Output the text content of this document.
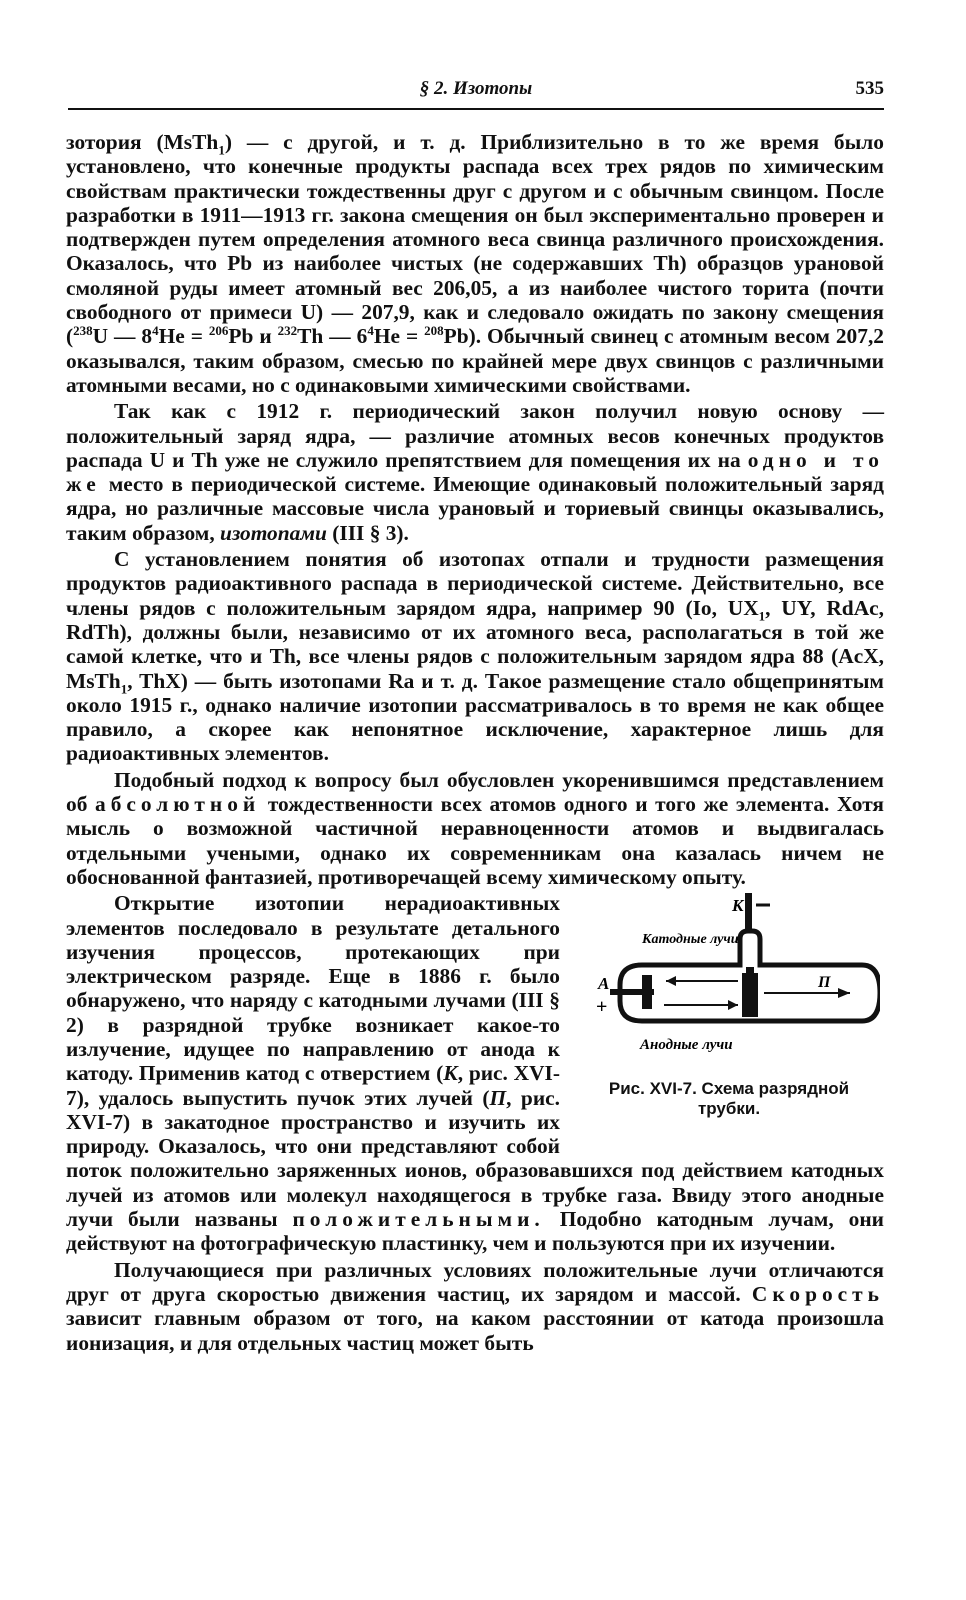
§ 2. Изотопы	535

зотория (MsTh$_1$) — с другой, и т. д. Приблизительно в то же время было установлено, что конечные продукты распада всех трех рядов по химическим свойствам практически тождественны друг с другом и с обычным свинцом. После разработки в 1911—1913 гг. закона смещения он был экспериментально проверен и подтвержден путем определения атомного веса свинца различного происхождения. Оказалось, что Pb из наиболее чистых (не содержавших Th) образцов урановой смоляной руды имеет атомный вес 206,05, а из наиболее чистого торита (почти свободного от примеси U) — 207,9, как и следовало ожидать по закону смещения ($^{238}$U — $8^4He = ^{206}Pb$ и $^{232}$Th — $6^4He = ^{208}Pb$). Обычный свинец с атомным весом 207,2 оказывался, таким образом, смесью по крайней мере двух свинцов с различными атомными весами, но с одинаковыми химическими свойствами.

Так как с 1912 г. периодический закон получил новую основу — положительный заряд ядра, — различие атомных весов конечных продуктов распада U и Th уже не служило препятствием для помещения их на одно и то же место в периодической системе. Имеющие одинаковый положительный заряд ядра, но различные массовые числа урановый и ториевый свинцы оказывались, таким образом, изотопами (III § 3).

С установлением понятия об изотопах отпали и трудности размещения продуктов радиоактивного распада в периодической системе. Действительно, все члены рядов с положительным зарядом ядра, например 90 (Io, $UX_1$, UY, RdAc, RdTh), должны были, независимо от их атомного веса, располагаться в той же самой клетке, что и Th, все члены рядов с положительным зарядом ядра 88 (AcX, MsTh$_1$, ThX) — быть изотопами Ra и т. д. Такое размещение стало общепринятым около 1915 г., однако наличие изотопии рассматривалось в то время не как общее правило, а скорее как непонятное исключение, характерное лишь для радиоактивных элементов.

Подобный подход к вопросу был обусловлен укоренившимся представлением об абсолютной тождественности всех атомов одного и того же элемента. Хотя мысль о возможной частичной неравноценности атомов и выдвигалась отдельными учеными, однако их современникам она казалась ничем не обоснованной фантазией, противоречащей всему химическому опыту.

К
А
+
П
Катодные лучи
Анодные лучи
Рис. XVI-7. Схема разрядной
трубки.

Открытие изотопии нерадиоактивных элементов последовало в результате детального изучения процессов, протекающих при электрическом разряде. Еще в 1886 г. было обнаружено, что наряду с катодными лучами (III § 2) в разрядной трубке возникает какое-то излучение, идущее по направлению от анода к катоду. Применив катод с отверстием (К, рис. XVI-7), удалось выпустить пучок этих лучей (П, рис. XVI-7) в закатодное пространство и изучить их природу. Оказалось, что они представляют собой поток положительно заряженных ионов, образовавшихся под действием катодных лучей из атомов или молекул находящегося в трубке газа. Ввиду этого анодные лучи были названы положительными. Подобно катодным лучам, они действуют на фотографическую пластинку, чем и пользуются при их изучении.

Получающиеся при различных условиях положительные лучи отличаются друг от друга скоростью движения частиц, их зарядом и массой. Скорость зависит главным образом от того, на каком расстоянии от катода произошла ионизация, и для отдельных частиц может быть
